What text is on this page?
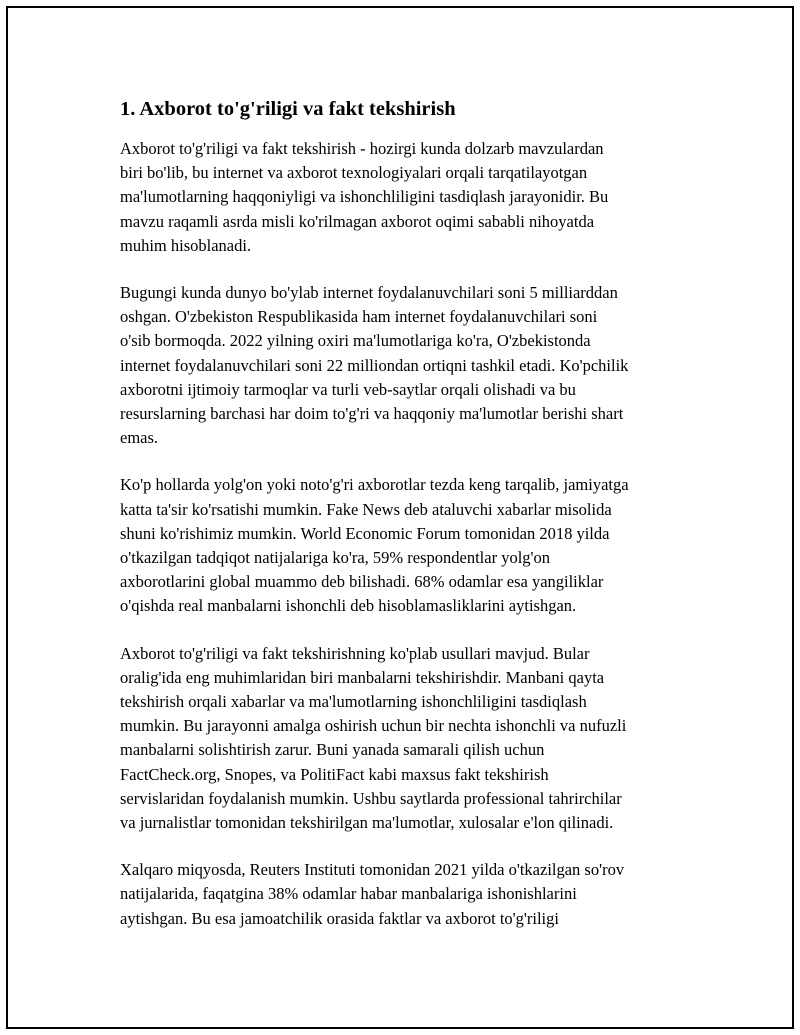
1. Axborot to'g'riligi va fakt tekshirish

Axborot to'g'riligi va fakt tekshirish - hozirgi kunda dolzarb mavzulardan
biri bo'lib, bu internet va axborot texnologiyalari orqali tarqatilayotgan
ma'lumotlarning haqqoniyligi va ishonchliligini tasdiqlash jarayonidir. Bu
mavzu raqamli asrda misli ko'rilmagan axborot oqimi sababli nihoyatda
muhim hisoblanadi.

Bugungi kunda dunyo bo'ylab internet foydalanuvchilari soni 5 milliarddan
oshgan. O'zbekiston Respublikasida ham internet foydalanuvchilari soni
o'sib bormoqda. 2022 yilning oxiri ma'lumotlariga ko'ra, O'zbekistonda
internet foydalanuvchilari soni 22 milliondan ortiqni tashkil etadi. Ko'pchilik
axborotni ijtimoiy tarmoqlar va turli veb-saytlar orqali olishadi va bu
resurslarning barchasi har doim to'g'ri va haqqoniy ma'lumotlar berishi shart
emas.

Ko'p hollarda yolg'on yoki noto'g'ri axborotlar tezda keng tarqalib, jamiyatga
katta ta'sir ko'rsatishi mumkin. Fake News deb ataluvchi xabarlar misolida
shuni ko'rishimiz mumkin. World Economic Forum tomonidan 2018 yilda
o'tkazilgan tadqiqot natijalariga ko'ra, 59% respondentlar yolg'on
axborotlarini global muammo deb bilishadi. 68% odamlar esa yangiliklar
o'qishda real manbalarni ishonchli deb hisoblamasliklarini aytishgan.

Axborot to'g'riligi va fakt tekshirishning ko'plab usullari mavjud. Bular
oralig'ida eng muhimlaridan biri manbalarni tekshirishdir. Manbani qayta
tekshirish orqali xabarlar va ma'lumotlarning ishonchliligini tasdiqlash
mumkin. Bu jarayonni amalga oshirish uchun bir nechta ishonchli va nufuzli
manbalarni solishtirish zarur. Buni yanada samarali qilish uchun
FactCheck.org, Snopes, va PolitiFact kabi maxsus fakt tekshirish
servislaridan foydalanish mumkin. Ushbu saytlarda professional tahrirchilar
va jurnalistlar tomonidan tekshirilgan ma'lumotlar, xulosalar e'lon qilinadi.

Xalqaro miqyosda, Reuters Instituti tomonidan 2021 yilda o'tkazilgan so'rov
natijalarida, faqatgina 38% odamlar habar manbalariga ishonishlarini
aytishgan. Bu esa jamoatchilik orasida faktlar va axborot to'g'riligi
